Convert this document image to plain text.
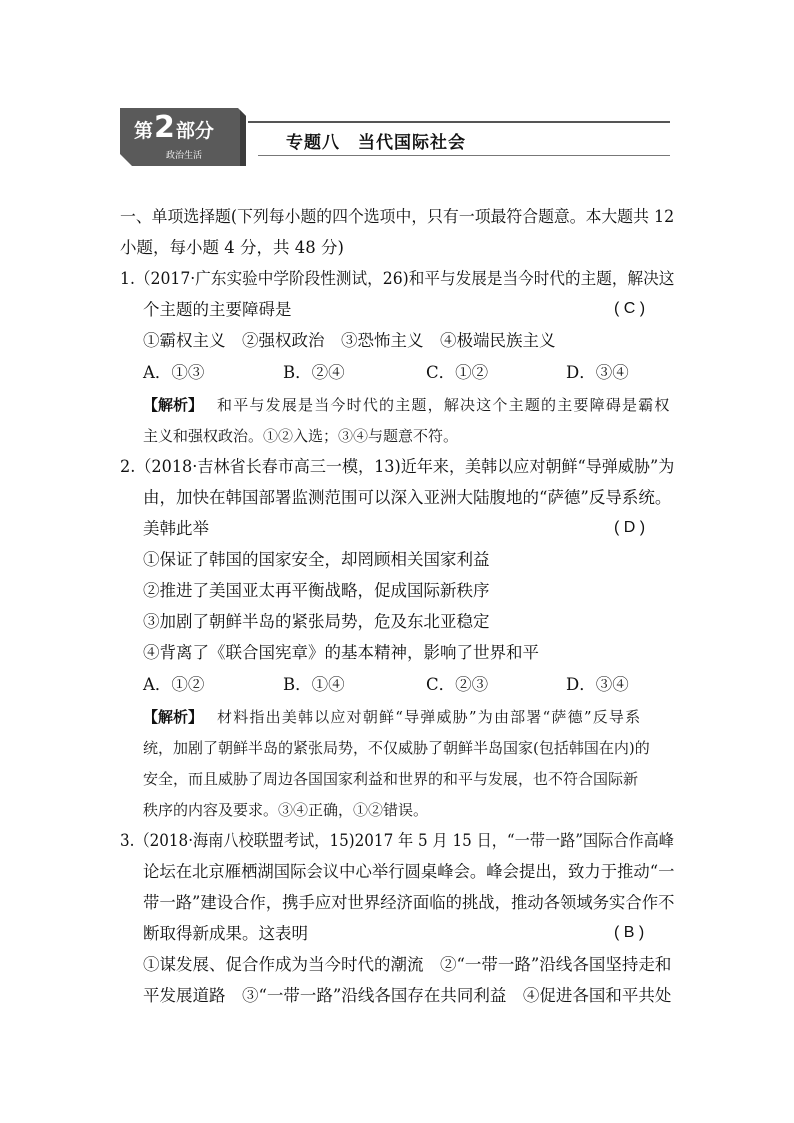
第2部分
政治生活
专题八　当代国际社会
一、单项选择题(下列每小题的四个选项中，只有一项最符合题意。本大题共 12
小题，每小题 4 分，共 48 分)
1.（2017·广东实验中学阶段性测试，26)和平与发展是当今时代的主题，解决这
个主题的主要障碍是	( C )
①霸权主义　②强权政治　③恐怖主义　④极端民族主义
A．①③	B．②④	C．①②	D．③④
【解析】 和平与发展是当今时代的主题，解决这个主题的主要障碍是霸权
主义和强权政治。①②入选；③④与题意不符。
2.（2018·吉林省长春市高三一模，13)近年来，美韩以应对朝鲜“导弹威胁”为
由，加快在韩国部署监测范围可以深入亚洲大陆腹地的“萨德”反导系统。
美韩此举	( D )
①保证了韩国的国家安全，却罔顾相关国家利益
②推进了美国亚太再平衡战略，促成国际新秩序
③加剧了朝鲜半岛的紧张局势，危及东北亚稳定
④背离了《联合国宪章》的基本精神，影响了世界和平
A．①②	B．①④	C．②③	D．③④
【解析】 材料指出美韩以应对朝鲜“导弹威胁”为由部署“萨德”反导系
统，加剧了朝鲜半岛的紧张局势，不仅威胁了朝鲜半岛国家(包括韩国在内)的
安全，而且威胁了周边各国国家利益和世界的和平与发展，也不符合国际新
秩序的内容及要求。③④正确，①②错误。
3.（2018·海南八校联盟考试，15)2017 年 5 月 15 日，“一带一路”国际合作高峰
论坛在北京雁栖湖国际会议中心举行圆桌峰会。峰会提出，致力于推动“一
带一路”建设合作，携手应对世界经济面临的挑战，推动各领域务实合作不
断取得新成果。这表明	( B )
①谋发展、促合作成为当今时代的潮流　②“一带一路”沿线各国坚持走和
平发展道路　③“一带一路”沿线各国存在共同利益　④促进各国和平共处
